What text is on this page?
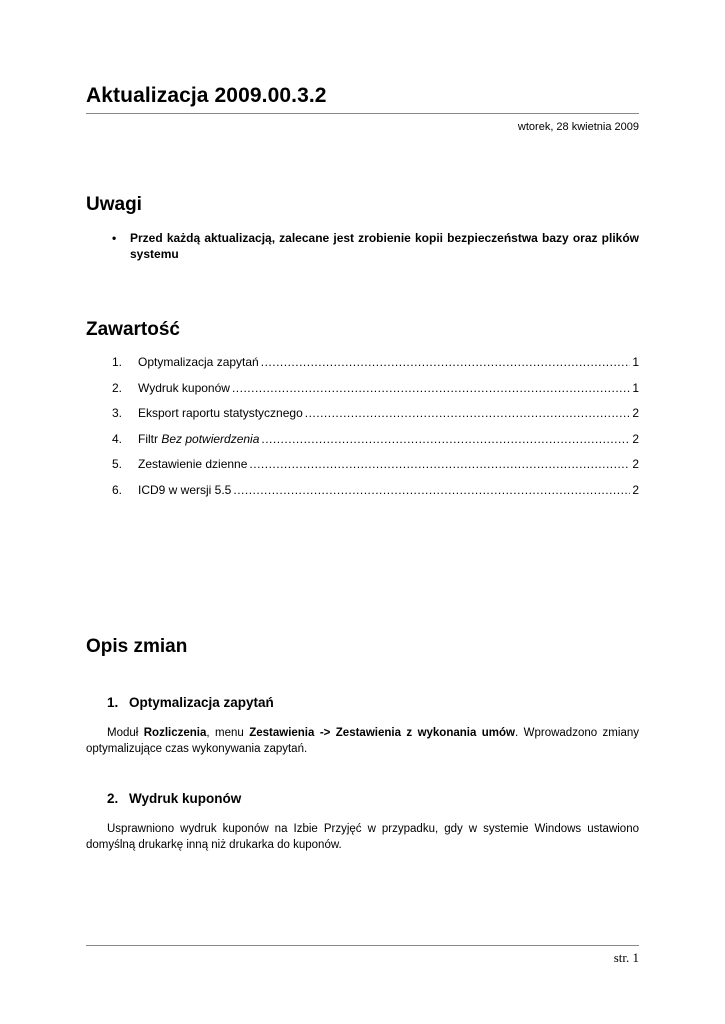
Aktualizacja 2009.00.3.2
wtorek, 28 kwietnia 2009
Uwagi
•	Przed każdą aktualizacją, zalecane jest zrobienie kopii bezpieczeństwa bazy oraz plików systemu
Zawartość
1.	Optymalizacja zapytań .....	1
2.	Wydruk kuponów .....	1
3.	Eksport raportu statystycznego .....	2
4.	Filtr Bez potwierdzenia .....	2
5.	Zestawienie dzienne .....	2
6.	ICD9 w wersji 5.5 .....	2
Opis zmian
1. Optymalizacja zapytań

Moduł Rozliczenia, menu Zestawienia -> Zestawienia z wykonania umów. Wprowadzono zmiany optymalizujące czas wykonywania zapytań.

2. Wydruk kuponów

Usprawniono wydruk kuponów na Izbie Przyjęć w przypadku, gdy w systemie Windows ustawiono domyślną drukarkę inną niż drukarka do kuponów.

str. 1
